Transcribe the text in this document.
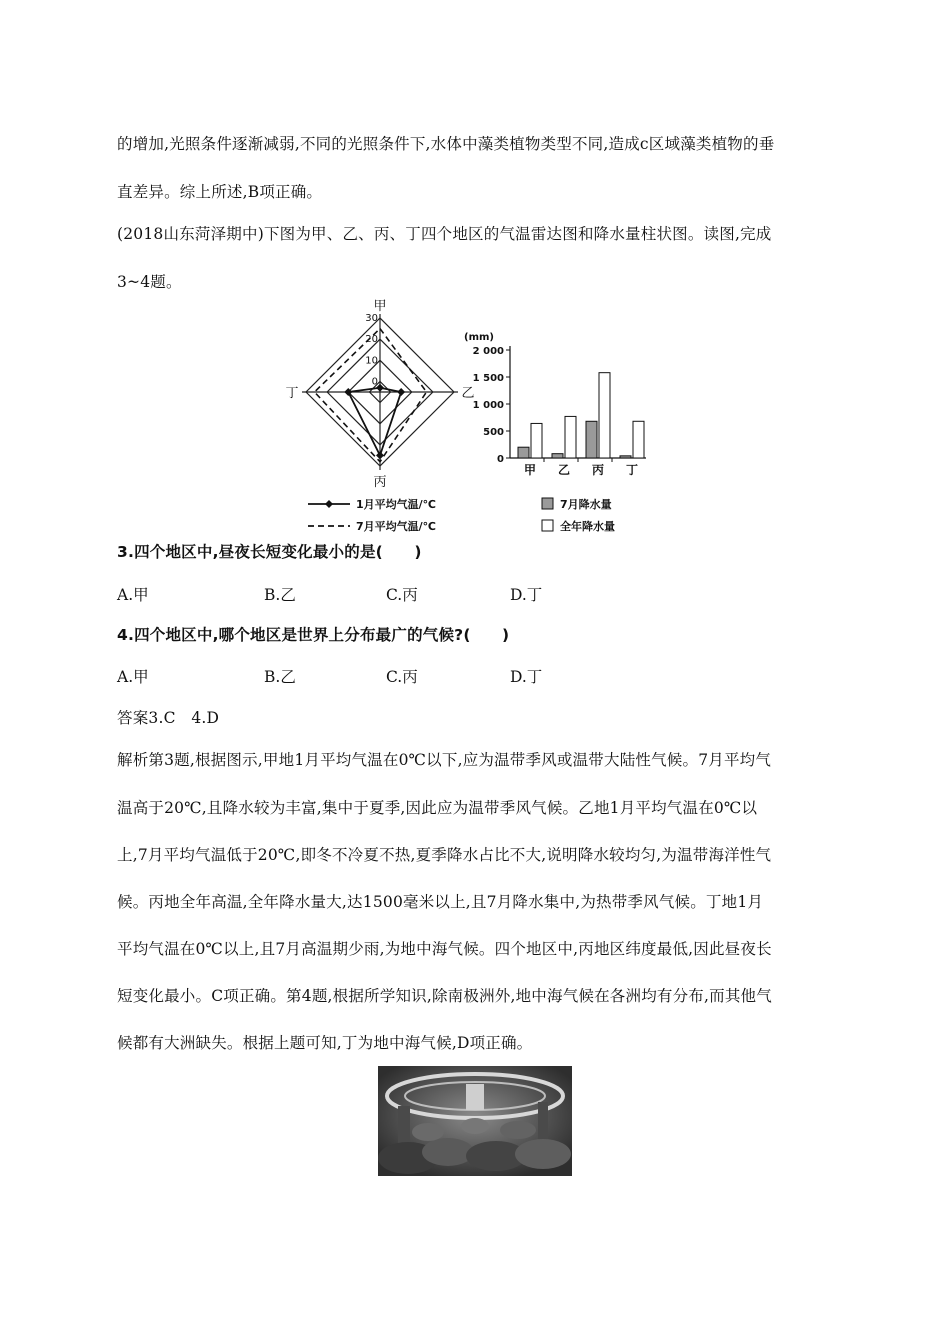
的增加,光照条件逐渐减弱,不同的光照条件下,水体中藻类植物类型不同,造成c区域藻类植物的垂
直差异。综上所述,B项正确。
(2018山东菏泽期中)下图为甲、乙、丙、丁四个地区的气温雷达图和降水量柱状图。读图,完成
3~4题。
0
10
20
30
甲
乙
丙
丁
1月平均气温/℃
7月平均气温/℃
(mm)
0
500
1 000
1 500
2 000
甲 乙 丙 丁
7月降水量
全年降水量
3.四个地区中,昼夜长短变化最小的是(　　)
A.甲	B.乙	C.丙	D.丁
4.四个地区中,哪个地区是世界上分布最广的气候?(　　)
A.甲	B.乙	C.丙	D.丁
答案3.C　4.D
解析第3题,根据图示,甲地1月平均气温在0℃以下,应为温带季风或温带大陆性气候。7月平均气
温高于20℃,且降水较为丰富,集中于夏季,因此应为温带季风气候。乙地1月平均气温在0℃以
上,7月平均气温低于20℃,即冬不冷夏不热,夏季降水占比不大,说明降水较均匀,为温带海洋性气
候。丙地全年高温,全年降水量大,达1500毫米以上,且7月降水集中,为热带季风气候。丁地1月
平均气温在0℃以上,且7月高温期少雨,为地中海气候。四个地区中,丙地区纬度最低,因此昼夜长
短变化最小。C项正确。第4题,根据所学知识,除南极洲外,地中海气候在各洲均有分布,而其他气
候都有大洲缺失。根据上题可知,丁为地中海气候,D项正确。
